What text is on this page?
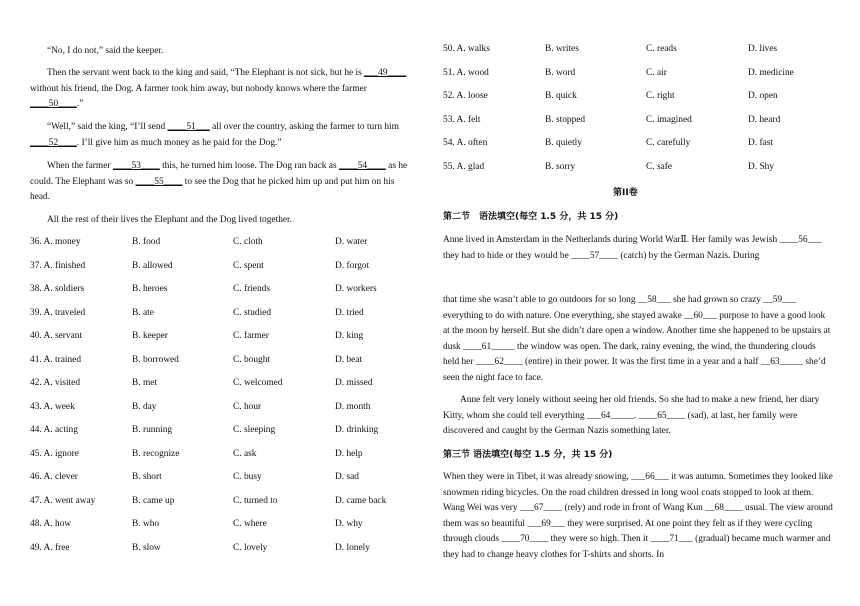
“No, I do not,” said the keeper.

Then the servant went back to the king and said, “The Elephant is not sick, but he is ___49____ without his friend, the Dog. A farmer took him away, but nobody knows where the farmer ____50____.”

“Well,” said the king, “I’ll send ____51___ all over the country, asking the farmer to turn him ____52____. I’ll give him as much money as he paid for the Dog.”

When the farmer ____53____ this, he turned him loose. The Dog ran back as ____54____ as he could. The Elephant was so ____55____ to see the Dog that he picked him up and put him on his head.

All the rest of their lives the Elephant and the Dog lived together.

36. A. money	B. food	C. cloth	D. water
37. A. finished	B. allowed	C. spent	D. forgot
38. A. soldiers	B. heroes	C. friends	D. workers
39. A. traveled	B. ate	C. studied	D. tried
40. A. servant	B. keeper	C. farmer	D. king
41. A. trained	B. borrowed	C. bought	D. beat
42. A. visited	B. met	C. welcomed	D. missed
43. A. week	B. day	C. hour	D. month
44. A. acting	B. running	C. sleeping	D. drinking
45. A. ignore	B. recognize	C. ask	D. help
46. A. clever	B. short	C. busy	D. sad
47. A. went away	B. came up	C. turned to	D. came back
48. A. how	B. who	C. where	D. why
49. A. free	B. slow	C. lovely	D. lonely
50. A. walks	B. writes	C. reads	D. lives
51. A. wood	B. word	C. air	D. medicine
52. A. loose	B. quick	C. right	D. open
53. A. felt	B. stopped	C. imagined	D. heard
54. A. often	B. quietly	C. carefully	D. fast
55. A. glad	B. sorry	C. safe	D. Shy
第II卷
第二节　语法填空(每空 1.5 分，共 15 分)

Anne lived in Amsterdam in the Netherlands during World WarⅡ. Her family was Jewish ____56___ they had to hide or they would be ____57____ (catch) by the German Nazis. During

that time she wasn’t able to go outdoors for so long __58___ she had grown so crazy __59___ everything to do with nature. One everything, she stayed awake __60___ purpose to have a good look at the moon by herself. But she didn’t dare open a window. Another time she happened to be upstairs at dusk ____61_____ the window was open. The dark, rainy evening, the wind, the thundering clouds held her ____62____ (entire) in their power. It was the first time in a year and a half __63_____ she’d seen the night face to face.

Anne felt very lonely without seeing her old friends. So she had to make a new friend, her diary Kitty, whom she could tell everything ___64_____. ____65____ (sad), at last, her family were discovered and caught by the German Nazis something later.

第三节 语法填空(每空 1.5 分，共 15 分)

When they were in Tibet, it was already snowing, ___66___ it was autumn. Sometimes they looked like snowmen riding bicycles. On the road children dressed in long wool coats stopped to look at them. Wang Wei was very ___67____ (rely) and rode in front of Wang Kun __68____ usual. The view around them was so beautiful ___69___ they were surprised. At one point they felt as if they were cycling through clouds ____70____ they were so high. Then it ____71___ (gradual) became much warmer and they had to change heavy clothes for T-shirts and shorts. In
